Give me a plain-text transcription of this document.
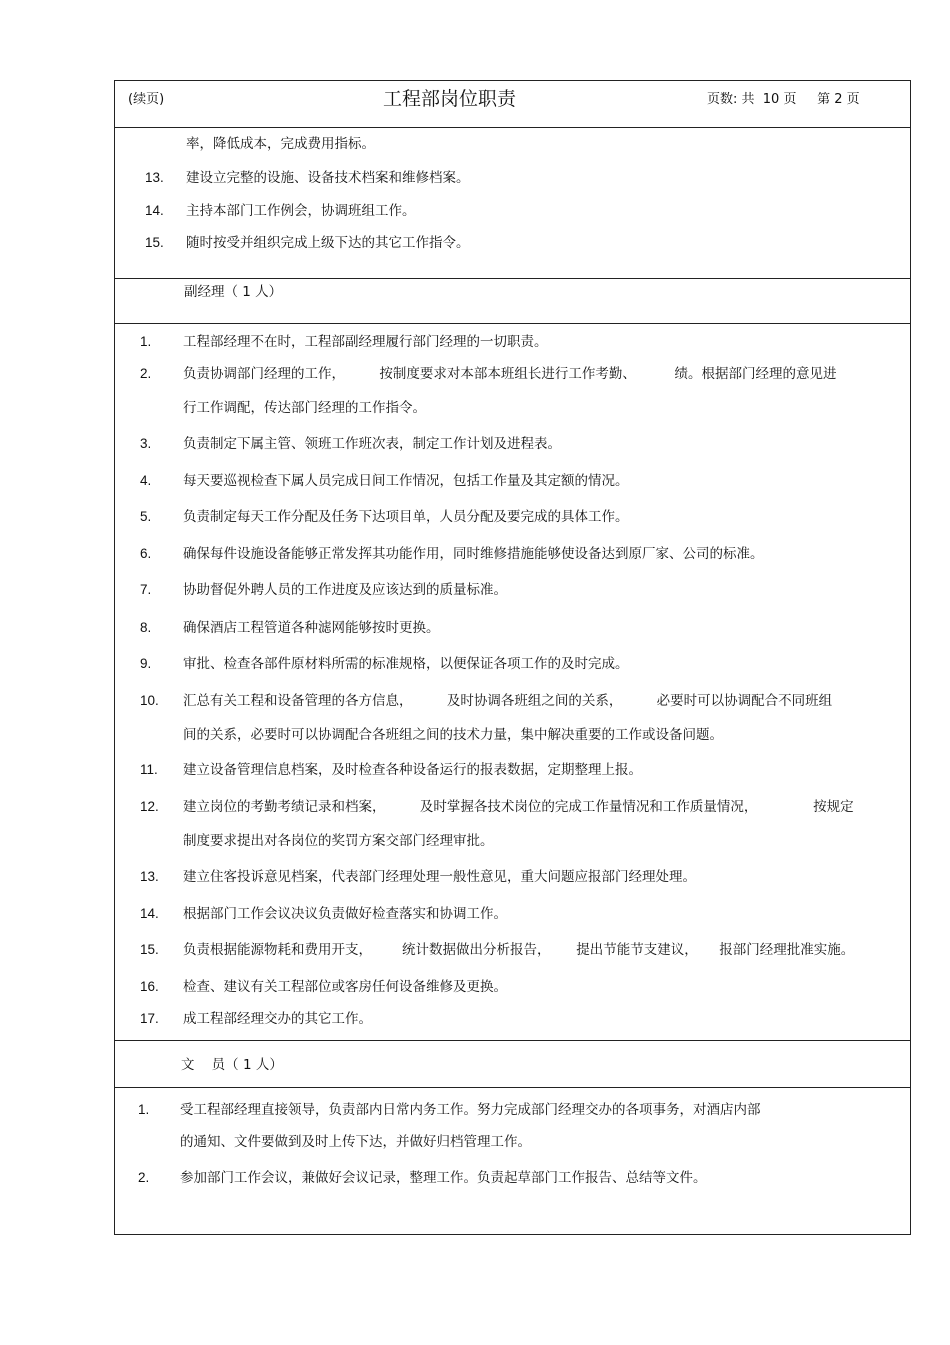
(续页)	工程部岗位职责	页数: 共  10 页     第 2 页
副经理（ 1 人）
文    员（ 1 人）
率，降低成本，完成费用指标。
13. 建设立完整的设施、设备技术档案和维修档案。
14. 主持本部门工作例会，协调班组工作。
15. 随时按受并组织完成上级下达的其它工作指令。
1. 工程部经理不在时，工程部副经理履行部门经理的一切职责。
2. 负责协调部门经理的工作，        按制度要求对本部本班组长进行工作考勤、         绩。根据部门经理的意见进
行工作调配，传达部门经理的工作指令。
3. 负责制定下属主管、领班工作班次表，制定工作计划及进程表。
4. 每天要巡视检查下属人员完成日间工作情况，包括工作量及其定额的情况。
5. 负责制定每天工作分配及任务下达项目单，人员分配及要完成的具体工作。
6. 确保每件设施设备能够正常发挥其功能作用，同时维修措施能够使设备达到原厂家、公司的标准。
7. 协助督促外聘人员的工作进度及应该达到的质量标准。
8. 确保酒店工程管道各种滤网能够按时更换。
9. 审批、检查各部件原材料所需的标准规格，以便保证各项工作的及时完成。
10. 汇总有关工程和设备管理的各方信息，        及时协调各班组之间的关系，        必要时可以协调配合不同班组
间的关系，必要时可以协调配合各班组之间的技术力量，集中解决重要的工作或设备问题。
11. 建立设备管理信息档案，及时检查各种设备运行的报表数据，定期整理上报。
12. 建立岗位的考勤考绩记录和档案，        及时掌握各技术岗位的完成工作量情况和工作质量情况，             按规定
制度要求提出对各岗位的奖罚方案交部门经理审批。
13. 建立住客投诉意见档案，代表部门经理处理一般性意见，重大问题应报部门经理处理。
14. 根据部门工作会议决议负责做好检查落实和协调工作。
15. 负责根据能源物耗和费用开支，       统计数据做出分析报告，      提出节能节支建议，     报部门经理批准实施。
16. 检查、建议有关工程部位或客房任何设备维修及更换。
17. 成工程部经理交办的其它工作。
1. 受工程部经理直接领导，负责部内日常内务工作。努力完成部门经理交办的各项事务，对酒店内部
的通知、文件要做到及时上传下达，并做好归档管理工作。
2. 参加部门工作会议，兼做好会议记录，整理工作。负责起草部门工作报告、总结等文件。
